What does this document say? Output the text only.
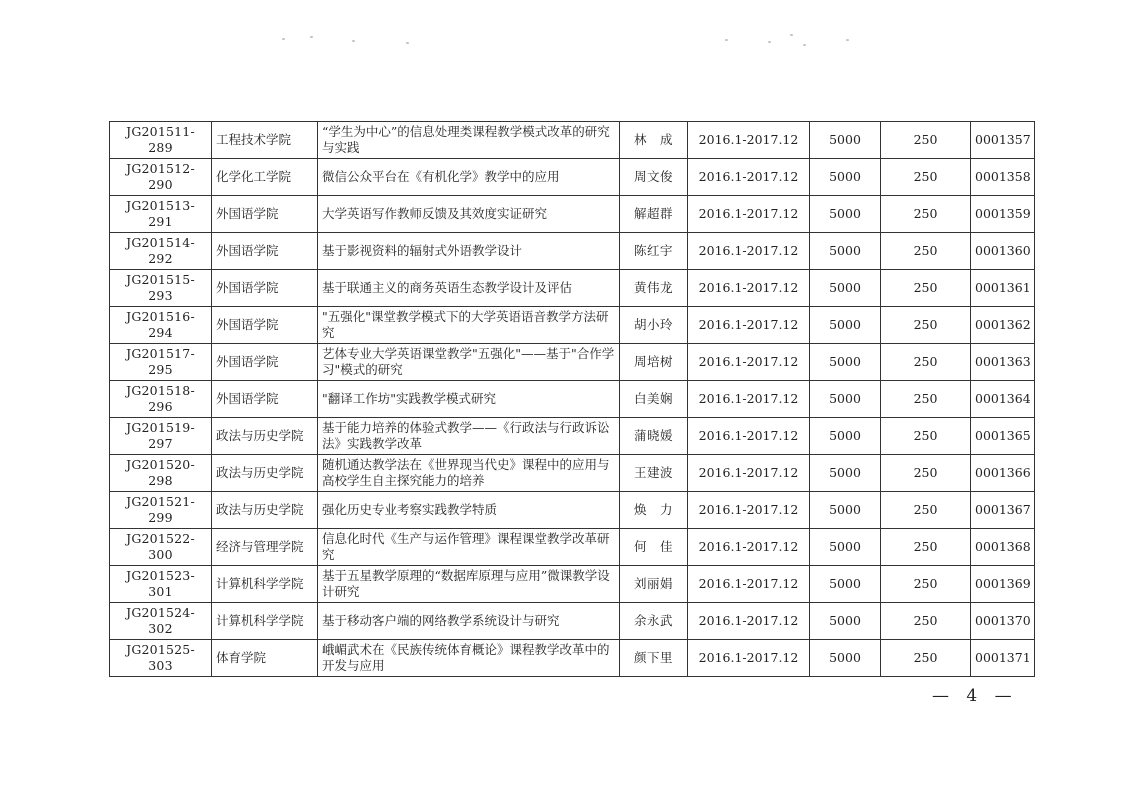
JG201511-289	工程技术学院	“学生为中心”的信息处理类课程教学模式改革的研究与实践	林　成	2016.1-2017.12	5000	250	0001357
JG201512-290	化学化工学院	微信公众平台在《有机化学》教学中的应用	周文俊	2016.1-2017.12	5000	250	0001358
JG201513-291	外国语学院	大学英语写作教师反馈及其效度实证研究	解超群	2016.1-2017.12	5000	250	0001359
JG201514-292	外国语学院	基于影视资料的辐射式外语教学设计	陈红宇	2016.1-2017.12	5000	250	0001360
JG201515-293	外国语学院	基于联通主义的商务英语生态教学设计及评估	黄伟龙	2016.1-2017.12	5000	250	0001361
JG201516-294	外国语学院	"五强化"课堂教学模式下的大学英语语音教学方法研究	胡小玲	2016.1-2017.12	5000	250	0001362
JG201517-295	外国语学院	艺体专业大学英语课堂教学"五强化"——基于"合作学习"模式的研究	周培树	2016.1-2017.12	5000	250	0001363
JG201518-296	外国语学院	"翻译工作坊"实践教学模式研究	白美娴	2016.1-2017.12	5000	250	0001364
JG201519-297	政法与历史学院	基于能力培养的体验式教学——《行政法与行政诉讼法》实践教学改革	蒲晓媛	2016.1-2017.12	5000	250	0001365
JG201520-298	政法与历史学院	随机通达教学法在《世界现当代史》课程中的应用与高校学生自主探究能力的培养	王建波	2016.1-2017.12	5000	250	0001366
JG201521-299	政法与历史学院	强化历史专业考察实践教学特质	焕　力	2016.1-2017.12	5000	250	0001367
JG201522-300	经济与管理学院	信息化时代《生产与运作管理》课程课堂教学改革研究	何　佳	2016.1-2017.12	5000	250	0001368
JG201523-301	计算机科学学院	基于五星教学原理的“数据库原理与应用”微课教学设计研究	刘丽娟	2016.1-2017.12	5000	250	0001369
JG201524-302	计算机科学学院	基于移动客户端的网络教学系统设计与研究	余永武	2016.1-2017.12	5000	250	0001370
JG201525-303	体育学院	峨嵋武术在《民族传统体育概论》课程教学改革中的开发与应用	颜下里	2016.1-2017.12	5000	250	0001371
— 4 —
